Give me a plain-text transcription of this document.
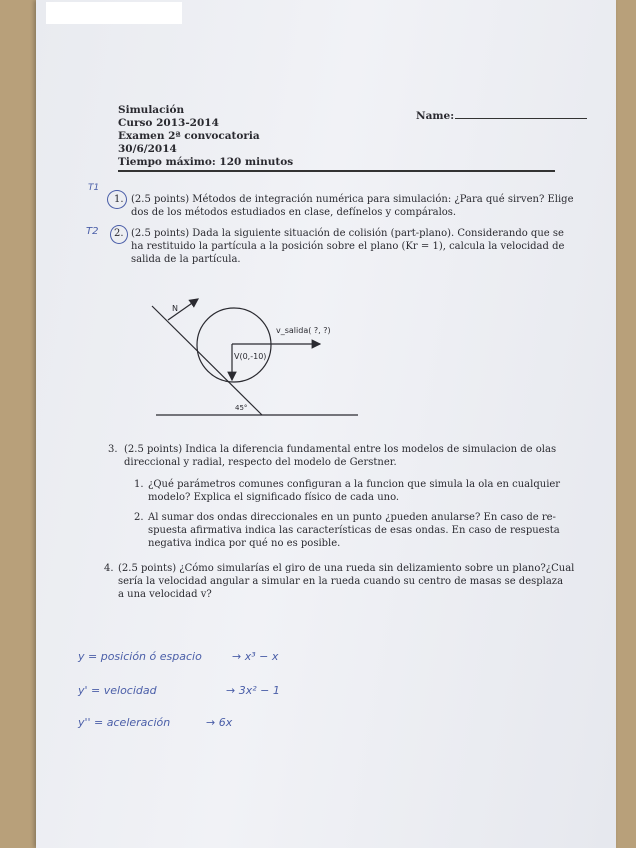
Simulación
Curso 2013-2014
Examen 2ª convocatoria
30/6/2014
Tiempo máximo: 120 minutos
Name:
T1
1. (2.5 points) Métodos de integración numérica para simulación: ¿Para qué sirven? Elige
dos de los métodos estudiados en clase, defínelos y compáralos.
T2 2. (2.5 points) Dada la siguiente situación de colisión (part-plano). Considerando que se
ha restituido la partícula a la posición sobre el plano (Kr = 1), calcula la velocidad de
salida de la partícula.
N
v_salida( ?, ?)
V(0,-10)
45°
3. (2.5 points) Indica la diferencia fundamental entre los modelos de simulacion de olas
direccional y radial, respecto del modelo de Gerstner.
1. ¿Qué parámetros comunes configuran a la funcion que simula la ola en cualquier
modelo? Explica el significado físico de cada uno.
2. Al sumar dos ondas direccionales en un punto ¿pueden anularse? En caso de re-
spuesta afirmativa indica las características de esas ondas. En caso de respuesta
negativa indica por qué no es posible.
4. (2.5 points) ¿Cómo simularías el giro de una rueda sin delizamiento sobre un plano?¿Cual
sería la velocidad angular a simular en la rueda cuando su centro de masas se desplaza
a una velocidad v?
y = posición ó espacio	→ x³ − x
y' = velocidad	→ 3x² − 1
y'' = aceleración	→ 6x
